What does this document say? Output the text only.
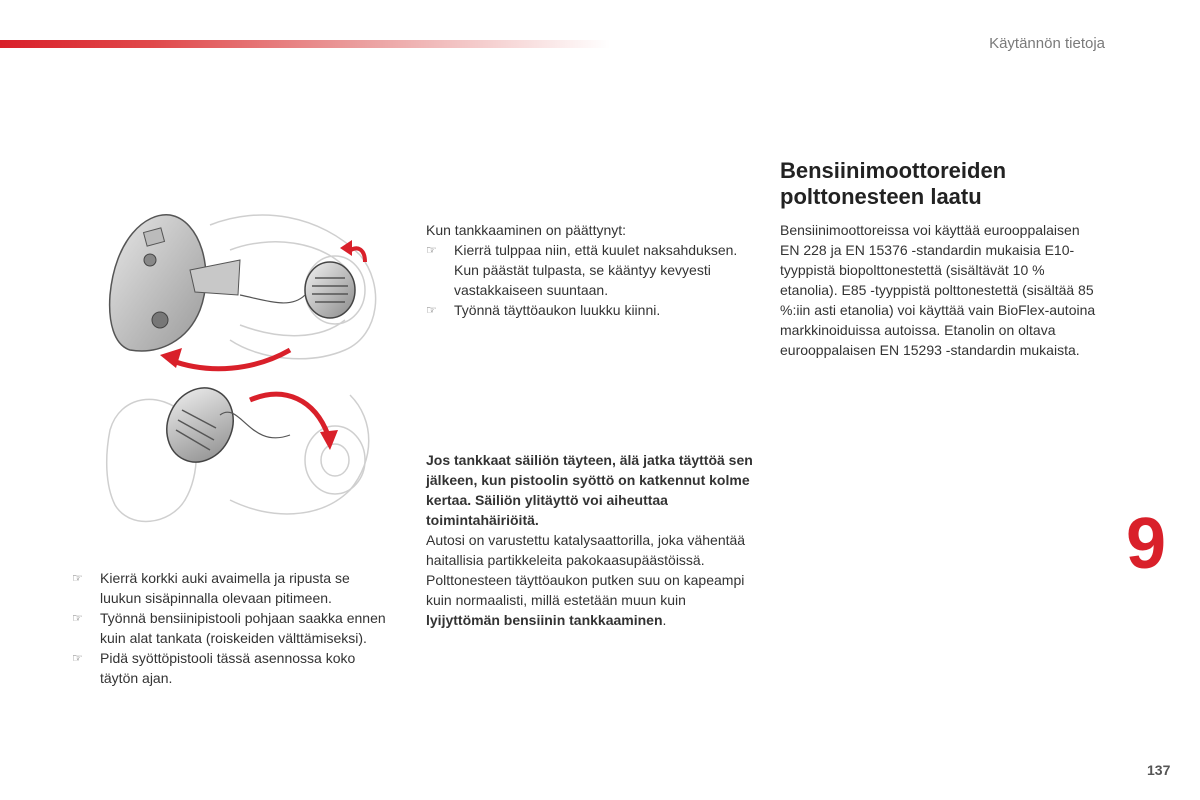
Käytännön tietoja
☞ Kierrä korkki auki avaimella ja ripusta se luukun sisäpinnalla olevaan pitimeen.
☞ Työnnä bensiinipistooli pohjaan saakka ennen kuin alat tankata (roiskeiden välttämiseksi).
☞ Pidä syöttöpistooli tässä asennossa koko täytön ajan.

Kun tankkaaminen on päättynyt:

☞ Kierrä tulppaa niin, että kuulet naksahduksen.

Kun päästät tulpasta, se kääntyy kevyesti vastakkaiseen suuntaan.

☞ Työnnä täyttöaukon luukku kiinni.

Jos tankkaat säiliön täyteen, älä jatka täyttöä sen jälkeen, kun pistoolin syöttö on katkennut kolme kertaa. Säiliön ylitäyttö voi aiheuttaa toimintahäiriöitä.

Autosi on varustettu katalysaattorilla, joka vähentää haitallisia partikkeleita pakokaasupäästöissä.

Polttonesteen täyttöaukon putken suu on kapeampi kuin normaalisti, millä estetään muun kuin lyijyttömän bensiinin tankkaaminen.

Bensiinimoottoreiden
polttonesteen laatu

Bensiinimoottoreissa voi käyttää eurooppalaisen EN 228 ja EN 15376 -standardin mukaisia E10-tyyppistä biopolttonestettä (sisältävät 10 % etanolia). E85 -tyyppistä polttonestettä (sisältää 85 %:iin asti etanolia) voi käyttää vain BioFlex-autoina markkinoiduissa autoissa. Etanolin on oltava eurooppalaisen EN 15293 -standardin mukaista.

9
137
